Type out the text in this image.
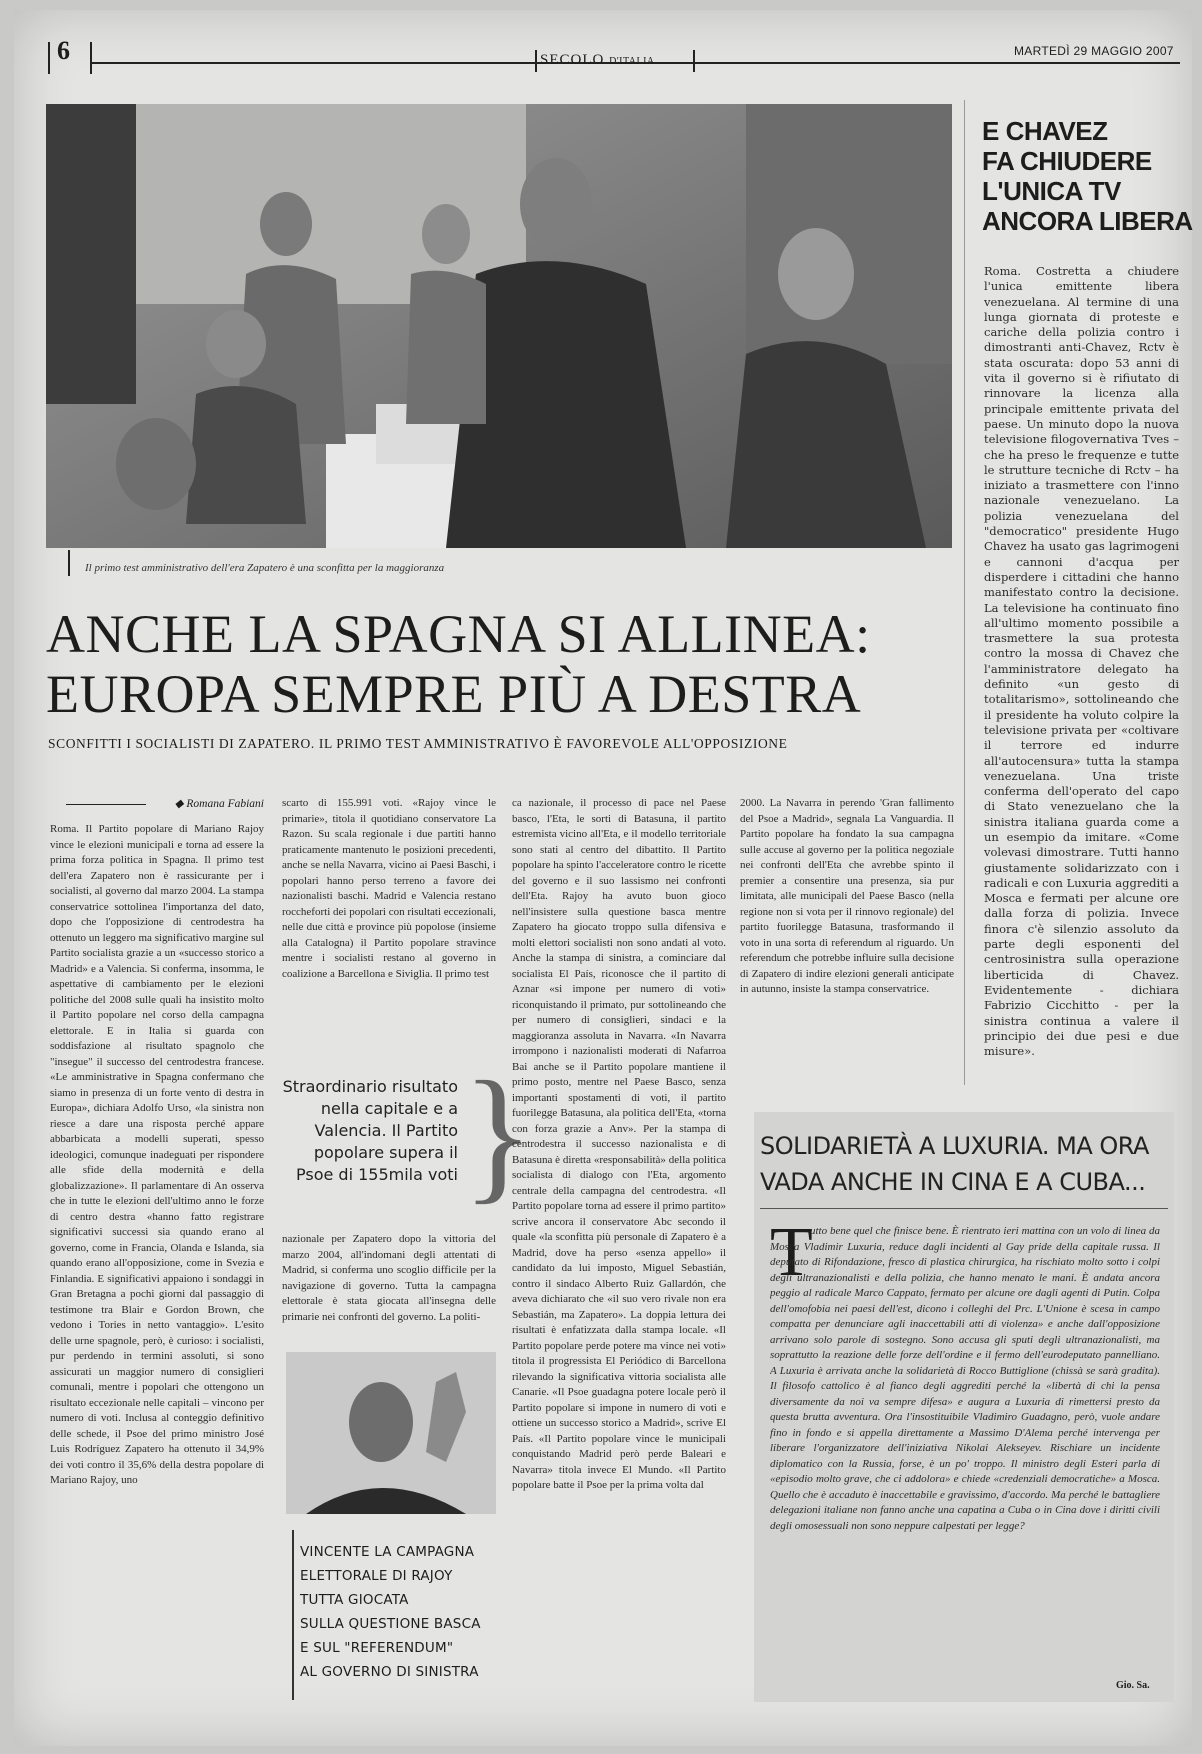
6	SECOLO D'ITALIA
MARTEDÌ 29 MAGGIO 2007
Il primo test amministrativo dell'era Zapatero è una sconfitta per la maggioranza
ANCHE LA SPAGNA SI ALLINEA:
EUROPA SEMPRE PIÙ A DESTRA
SCONFITTI I SOCIALISTI DI ZAPATERO. IL PRIMO TEST AMMINISTRATIVO È FAVOREVOLE ALL'OPPOSIZIONE
◆ Romana Fabiani

Roma. Il Partito popolare di Mariano Rajoy vince le elezioni municipali e torna ad essere la prima forza politica in Spagna. Il primo test dell'era Zapatero non è rassicurante per i socialisti, al governo dal marzo 2004. La stampa conservatrice sottolinea l'importanza del dato, dopo che l'opposizione di centrodestra ha ottenuto un leggero ma significativo margine sul Partito socialista grazie a un «successo storico a Madrid» e a Valencia. Si conferma, insomma, le aspettative di cambiamento per le elezioni politiche del 2008 sulle quali ha insistito molto il Partito popolare nel corso della campagna elettorale. E in Italia si guarda con soddisfazione al risultato spagnolo che "insegue" il successo del centrodestra francese. «Le amministrative in Spagna confermano che siamo in presenza di un forte vento di destra in Europa», dichiara Adolfo Urso, «la sinistra non riesce a dare una risposta perché appare abbarbicata a modelli superati, spesso ideologici, comunque inadeguati per rispondere alle sfide della modernità e della globalizzazione». Il parlamentare di An osserva che in tutte le elezioni dell'ultimo anno le forze di centro destra «hanno fatto registrare significativi successi sia quando erano al governo, come in Francia, Olanda e Islanda, sia quando erano all'opposizione, come in Svezia e Finlandia. E significativi appaiono i sondaggi in Gran Bretagna a pochi giorni dal passaggio di testimone tra Blair e Gordon Brown, che vedono i Tories in netto vantaggio». L'esito delle urne spagnole, però, è curioso: i socialisti, pur perdendo in termini assoluti, si sono assicurati un maggior numero di consiglieri comunali, mentre i popolari che ottengono un risultato eccezionale nelle capitali – vincono per numero di voti. Inclusa al conteggio definitivo delle schede, il Psoe del primo ministro José Luis Rodríguez Zapatero ha ottenuto il 34,9% dei voti contro il 35,6% della destra popolare di Mariano Rajoy, uno

scarto di 155.991 voti. «Rajoy vince le primarie», titola il quotidiano conservatore La Razon. Su scala regionale i due partiti hanno praticamente mantenuto le posizioni precedenti, anche se nella Navarra, vicino ai Paesi Baschi, i popolari hanno perso terreno a favore dei nazionalisti baschi. Madrid e Valencia restano roccheforti dei popolari con risultati eccezionali, nelle due città e province più popolose (insieme alla Catalogna) il Partito popolare stravince mentre i socialisti restano al governo in coalizione a Barcellona e Siviglia. Il primo test

Straordinario risultato nella capitale e a Valencia. Il Partito popolare supera il Psoe di 155mila voti }

nazionale per Zapatero dopo la vittoria del marzo 2004, all'indomani degli attentati di Madrid, si conferma uno scoglio difficile per la navigazione di governo. Tutta la campagna elettorale è stata giocata all'insegna delle primarie nei confronti del governo. La politi-

ca nazionale, il processo di pace nel Paese basco, l'Eta, le sorti di Batasuna, il partito estremista vicino all'Eta, e il modello territoriale sono stati al centro del dibattito. Il Partito popolare ha spinto l'acceleratore contro le ricette del governo e il suo lassismo nei confronti dell'Eta. Rajoy ha avuto buon gioco nell'insistere sulla questione basca mentre Zapatero ha giocato troppo sulla difensiva e molti elettori socialisti non sono andati al voto. Anche la stampa di sinistra, a cominciare dal socialista El País, riconosce che il partito di Aznar «si impone per numero di voti» riconquistando il primato, pur sottolineando che per numero di consiglieri, sindaci e la maggioranza assoluta in Navarra. «In Navarra irrompono i nazionalisti moderati di Nafarroa Bai anche se il Partito popolare mantiene il primo posto, mentre nel Paese Basco, senza importanti spostamenti di voti, il partito fuorilegge Batasuna, ala politica dell'Eta, «torna con forza grazie a Anv». Per la stampa di centrodestra il successo nazionalista e di Batasuna è diretta «responsabilità» della politica socialista di dialogo con l'Eta, argomento centrale della campagna del centrodestra. «Il Partito popolare torna ad essere il primo partito» scrive ancora il conservatore Abc secondo il quale «la sconfitta più personale di Zapatero è a Madrid, dove ha perso «senza appello» il candidato da lui imposto, Miguel Sebastián, contro il sindaco Alberto Ruiz Gallardón, che aveva dichiarato che «il suo vero rivale non era Sebastián, ma Zapatero». La doppia lettura dei risultati è enfatizzata dalla stampa locale. «Il Partito popolare perde potere ma vince nei voti» titola il progressista El Periódico di Barcellona rilevando la significativa vittoria socialista alle Canarie. «Il Psoe guadagna potere locale però il Partito popolare si impone in numero di voti e ottiene un successo storico a Madrid», scrive El País. «Il Partito popolare vince le municipali conquistando Madrid però perde Baleari e Navarra» titola invece El Mundo. «Il Partito popolare batte il Psoe per la prima volta dal

2000. La Navarra in perendo 'Gran fallimento del Psoe a Madrid», segnala La Vanguardia. Il Partito popolare ha fondato la sua campagna sulle accuse al governo per la politica negoziale nei confronti dell'Eta che avrebbe spinto il premier a consentire una presenza, sia pur limitata, alle municipali del Paese Basco (nella regione non si vota per il rinnovo regionale) del partito fuorilegge Batasuna, trasformando il voto in una sorta di referendum al riguardo. Un referendum che potrebbe influire sulla decisione di Zapatero di indire elezioni generali anticipate in autunno, insiste la stampa conservatrice.

VINCENTE LA CAMPAGNA
ELETTORALE DI RAJOY
TUTTA GIOCATA
SULLA QUESTIONE BASCA
E SUL "REFERENDUM"
AL GOVERNO DI SINISTRA
E CHAVEZ
FA CHIUDERE
L'UNICA TV
ANCORA LIBERA
Roma. Costretta a chiudere l'unica emittente libera venezuelana. Al termine di una lunga giornata di proteste e cariche della polizia contro i dimostranti anti-Chavez, Rctv è stata oscurata: dopo 53 anni di vita il governo si è rifiutato di rinnovare la licenza alla principale emittente privata del paese. Un minuto dopo la nuova televisione filogovernativa Tves – che ha preso le frequenze e tutte le strutture tecniche di Rctv – ha iniziato a trasmettere con l'inno nazionale venezuelano. La polizia venezuelana del "democratico" presidente Hugo Chavez ha usato gas lagrimogeni e cannoni d'acqua per disperdere i cittadini che hanno manifestato contro la decisione. La televisione ha continuato fino all'ultimo momento possibile a trasmettere la sua protesta contro la mossa di Chavez che l'amministratore delegato ha definito «un gesto di totalitarismo», sottolineando che il presidente ha voluto colpire la televisione privata per «coltivare il terrore ed indurre all'autocensura» tutta la stampa venezuelana. Una triste conferma dell'operato del capo di Stato venezuelano che la sinistra italiana guarda come a un esempio da imitare. «Come volevasi dimostrare. Tutti hanno giustamente solidarizzato con i radicali e con Luxuria aggrediti a Mosca e fermati per alcune ore dalla forza di polizia. Invece finora c'è silenzio assoluto da parte degli esponenti del centrosinistra sulla operazione liberticida di Chavez. Evidentemente - dichiara Fabrizio Cicchitto - per la sinistra continua a valere il principio dei due pesi e due misure».
SOLIDARIETÀ A LUXURIA. MA ORA
VADA ANCHE IN CINA E A CUBA...
T
utto bene quel che finisce bene. È rientrato ieri mattina con un volo di linea da Mosca Vladimir Luxuria, reduce dagli incidenti al Gay pride della capitale russa. Il deputato di Rifondazione, fresco di plastica chirurgica, ha rischiato molto sotto i colpi degli ultranazionalisti e della polizia, che hanno menato le mani. È andata ancora peggio al radicale Marco Cappato, fermato per alcune ore dagli agenti di Putin. Colpa dell'omofobia nei paesi dell'est, dicono i colleghi del Prc. L'Unione è scesa in campo compatta per denunciare agli inaccettabili atti di violenza» e anche dall'opposizione arrivano solo parole di sostegno. Sono accusa gli sputi degli ultranazionalisti, ma soprattutto la reazione delle forze dell'ordine e il fermo dell'eurodeputato pannelliano. A Luxuria è arrivata anche la solidarietà di Rocco Buttiglione (chissà se sarà gradita). Il filosofo cattolico è al fianco degli aggrediti perché la «libertà di chi la pensa diversamente da noi va sempre difesa» e augura a Luxuria di rimettersi presto da questa brutta avventura. Ora l'insostituibile Vladimiro Guadagno, però, vuole andare fino in fondo e si appella direttamente a Massimo D'Alema perché intervenga per liberare l'organizzatore dell'iniziativa Nikolai Alekseyev. Rischiare un incidente diplomatico con la Russia, forse, è un po' troppo. Il ministro degli Esteri parla di «episodio molto grave, che ci addolora» e chiede «credenziali democratiche» a Mosca. Quello che è accaduto è inaccettabile e gravissimo, d'accordo. Ma perché le battagliere delegazioni italiane non fanno anche una capatina a Cuba o in Cina dove i diritti civili degli omosessuali non sono neppure calpestati per legge?
Gio. Sa.
